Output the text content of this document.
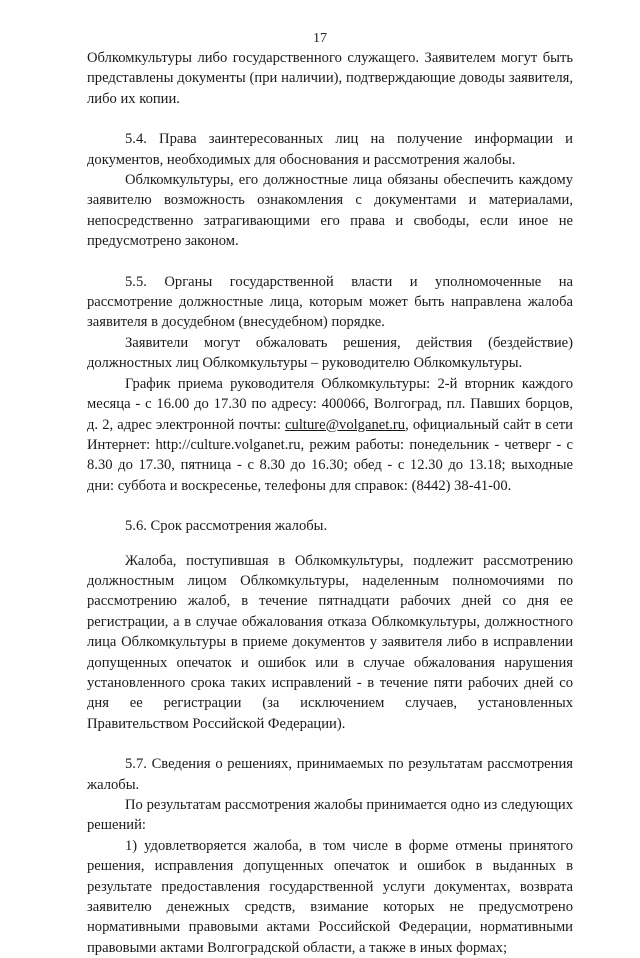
17

Облкомкультуры либо государственного служащего. Заявителем могут быть представлены документы (при наличии), подтверждающие доводы заявителя, либо их копии.

5.4. Права заинтересованных лиц на получение информации и документов, необходимых для обоснования и рассмотрения жалобы.

Облкомкультуры, его должностные лица обязаны обеспечить каждому заявителю возможность ознакомления с документами и материалами, непосредственно затрагивающими его права и свободы, если иное не предусмотрено законом.

5.5. Органы государственной власти и уполномоченные на рассмотрение должностные лица, которым может быть направлена жалоба заявителя в досудебном (внесудебном) порядке.

Заявители могут обжаловать решения, действия (бездействие) должностных лиц Облкомкультуры – руководителю Облкомкультуры.

График приема руководителя Облкомкультуры: 2-й вторник каждого месяца - с 16.00 до 17.30 по адресу: 400066, Волгоград, пл. Павших борцов, д. 2, адрес электронной почты: culture@volganet.ru, официальный сайт в сети Интернет: http://culture.volganet.ru, режим работы: понедельник - четверг - с 8.30 до 17.30, пятница - с 8.30 до 16.30; обед - с 12.30 до 13.18; выходные дни: суббота и воскресенье, телефоны для справок: (8442) 38-41-00.

5.6. Срок рассмотрения жалобы.

Жалоба, поступившая в Облкомкультуры, подлежит рассмотрению должностным лицом Облкомкультуры, наделенным полномочиями по рассмотрению жалоб, в течение пятнадцати рабочих дней со дня ее регистрации, а в случае обжалования отказа Облкомкультуры, должностного лица Облкомкультуры в приеме документов у заявителя либо в исправлении допущенных опечаток и ошибок или в случае обжалования нарушения установленного срока таких исправлений - в течение пяти рабочих дней со дня ее регистрации (за исключением случаев, установленных Правительством Российской Федерации).

5.7. Сведения о решениях, принимаемых по результатам рассмотрения жалобы.

По результатам рассмотрения жалобы принимается одно из следующих решений:

1) удовлетворяется жалоба, в том числе в форме отмены принятого решения, исправления допущенных опечаток и ошибок в выданных в результате предоставления государственной услуги документах, возврата заявителю денежных средств, взимание которых не предусмотрено нормативными правовыми актами Российской Федерации, нормативными правовыми актами Волгоградской области, а также в иных формах;
